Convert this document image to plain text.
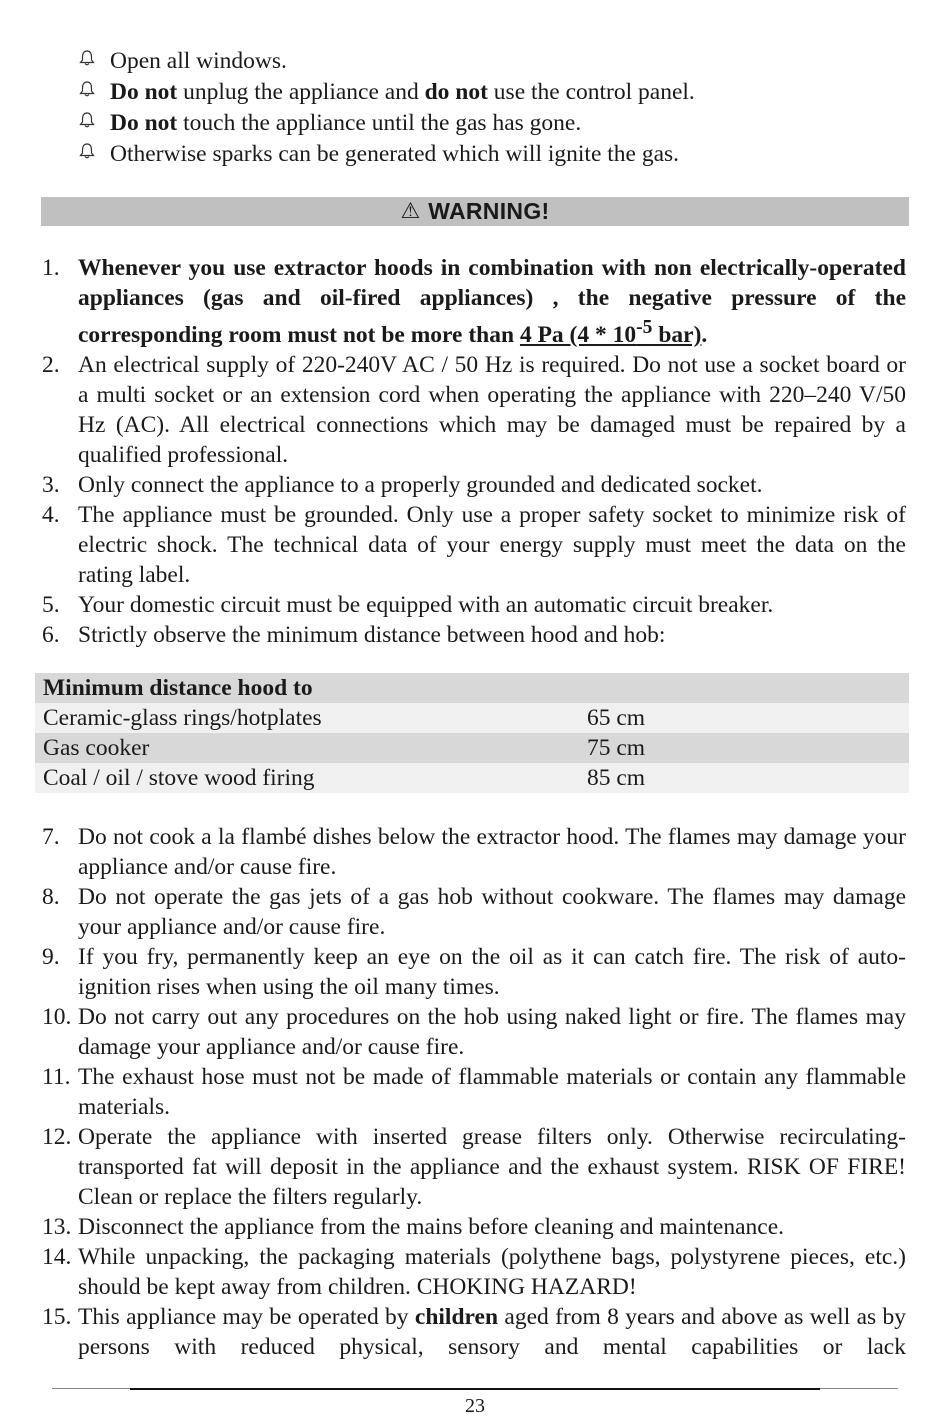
Open all windows.
Do not unplug the appliance and do not use the control panel.
Do not touch the appliance until the gas has gone.
Otherwise sparks can be generated which will ignite the gas.
⚠ WARNING!
1. Whenever you use extractor hoods in combination with non electrically-operated appliances (gas and oil-fired appliances) , the negative pressure of the corresponding room must not be more than 4 Pa ($4 * 10^{-5}$ bar).
2. An electrical supply of 220-240V AC / 50 Hz is required. Do not use a socket board or a multi socket or an extension cord when operating the appliance with 220–240 V/50 Hz (AC). All electrical connections which may be damaged must be repaired by a qualified professional.
3. Only connect the appliance to a properly grounded and dedicated socket.
4. The appliance must be grounded. Only use a proper safety socket to minimize risk of electric shock. The technical data of your energy supply must meet the data on the rating label.
5. Your domestic circuit must be equipped with an automatic circuit breaker.
6. Strictly observe the minimum distance between hood and hob:
Minimum distance hood to	
Ceramic-glass rings/hotplates	65 cm
Gas cooker	75 cm
Coal / oil / stove wood firing	85 cm
7. Do not cook a la flambé dishes below the extractor hood. The flames may damage your appliance and/or cause fire.
8. Do not operate the gas jets of a gas hob without cookware. The flames may damage your appliance and/or cause fire.
9. If you fry, permanently keep an eye on the oil as it can catch fire. The risk of auto-ignition rises when using the oil many times.
10. Do not carry out any procedures on the hob using naked light or fire. The flames may damage your appliance and/or cause fire.
11. The exhaust hose must not be made of flammable materials or contain any flammable materials.
12. Operate the appliance with inserted grease filters only. Otherwise recirculating-transported fat will deposit in the appliance and the exhaust system. RISK OF FIRE! Clean or replace the filters regularly.
13. Disconnect the appliance from the mains before cleaning and maintenance.
14. While unpacking, the packaging materials (polythene bags, polystyrene pieces, etc.) should be kept away from children. CHOKING HAZARD!
15. This appliance may be operated by children aged from 8 years and above as well as by persons with reduced physical, sensory and mental capabilities or lack
23
